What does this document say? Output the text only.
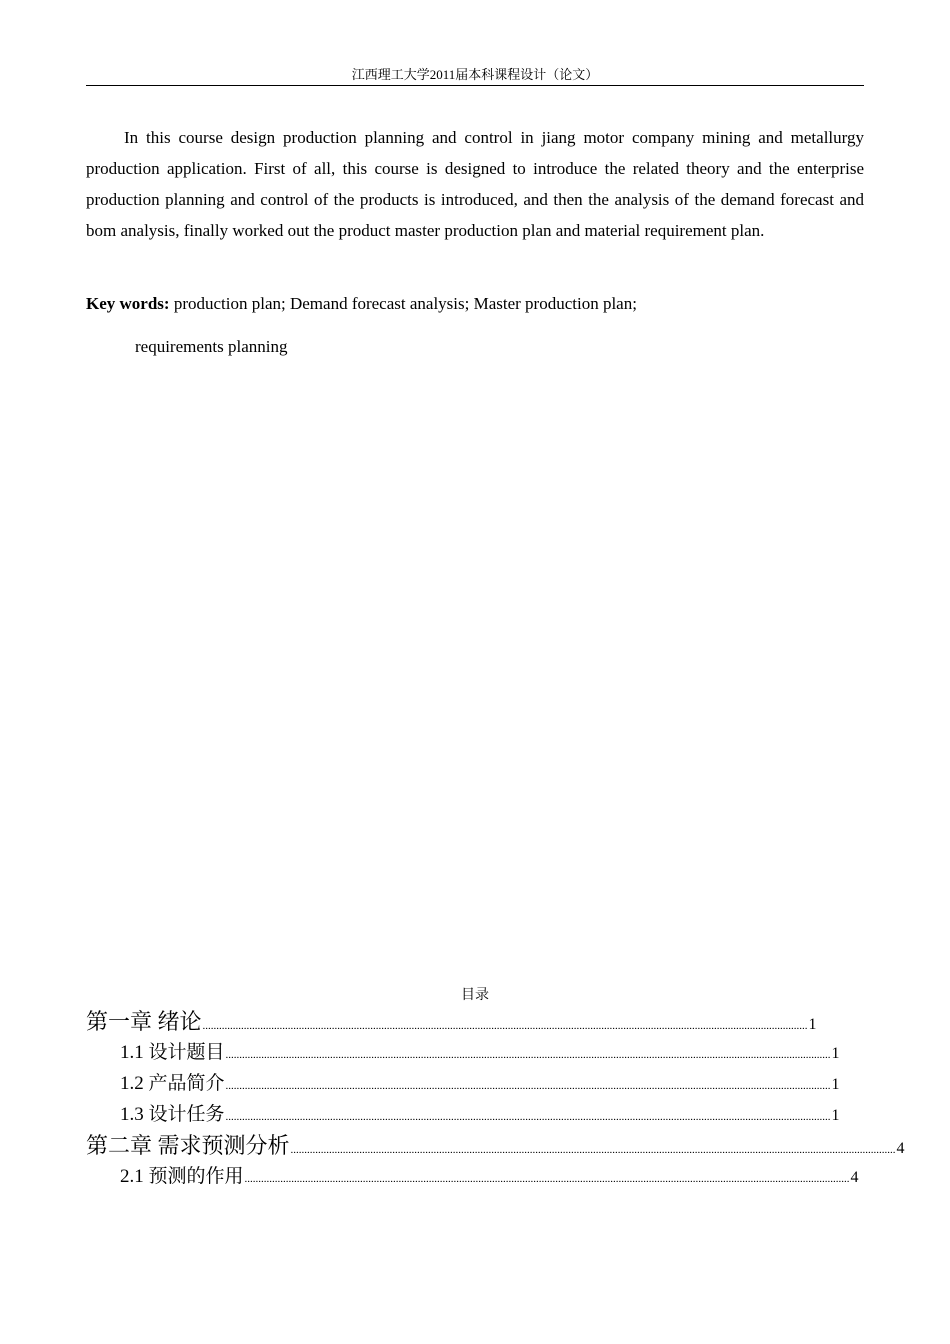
江西理工大学2011届本科课程设计（论文）

In this course design production planning and control in jiang motor company mining and metallurgy production application. First of all, this course is designed to introduce the related theory and the enterprise production planning and control of the products is introduced, and then the analysis of the demand forecast and bom analysis, finally worked out the product master production plan and material requirement plan.

Key words: production plan; Demand forecast analysis; Master production plan;

requirements planning

目录
第一章 绪论 ............................................................................................................................................................................................................................ 1
1.1 设计题目 ............................................................................................................................................................................................................................ 1
1.2 产品简介 ............................................................................................................................................................................................................................ 1
1.3 设计任务 ............................................................................................................................................................................................................................ 1
第二章 需求预测分析 ............................................................................................................................................................................................................................ 4
2.1 预测的作用 ............................................................................................................................................................................................................................ 4
